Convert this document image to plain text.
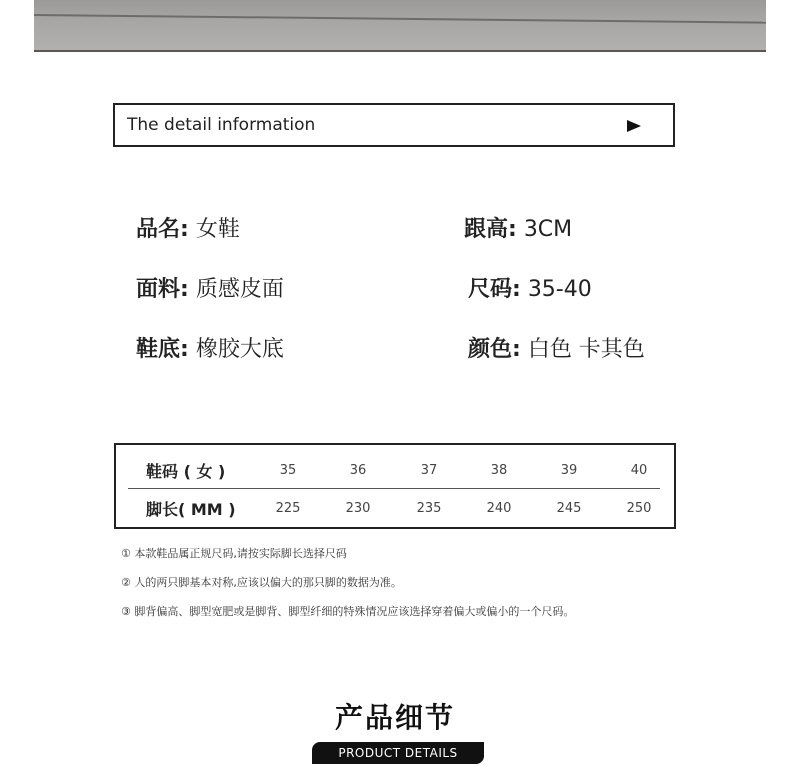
The detail information
品名: 女鞋	跟高: 3CM
面料: 质感皮面	尺码: 35-40
鞋底: 橡胶大底	颜色: 白色 卡其色
鞋码 ( 女 )	35	36	37	38	39	40
脚长( MM )	225	230	235	240	245	250
① 本款鞋品属正规尺码,请按实际脚长选择尺码
② 人的两只脚基本对称,应该以偏大的那只脚的数据为准。
③ 脚背偏高、脚型宽肥或是脚背、脚型纤细的特殊情况应该选择穿着偏大或偏小的一个尺码。
产品细节
PRODUCT DETAILS
